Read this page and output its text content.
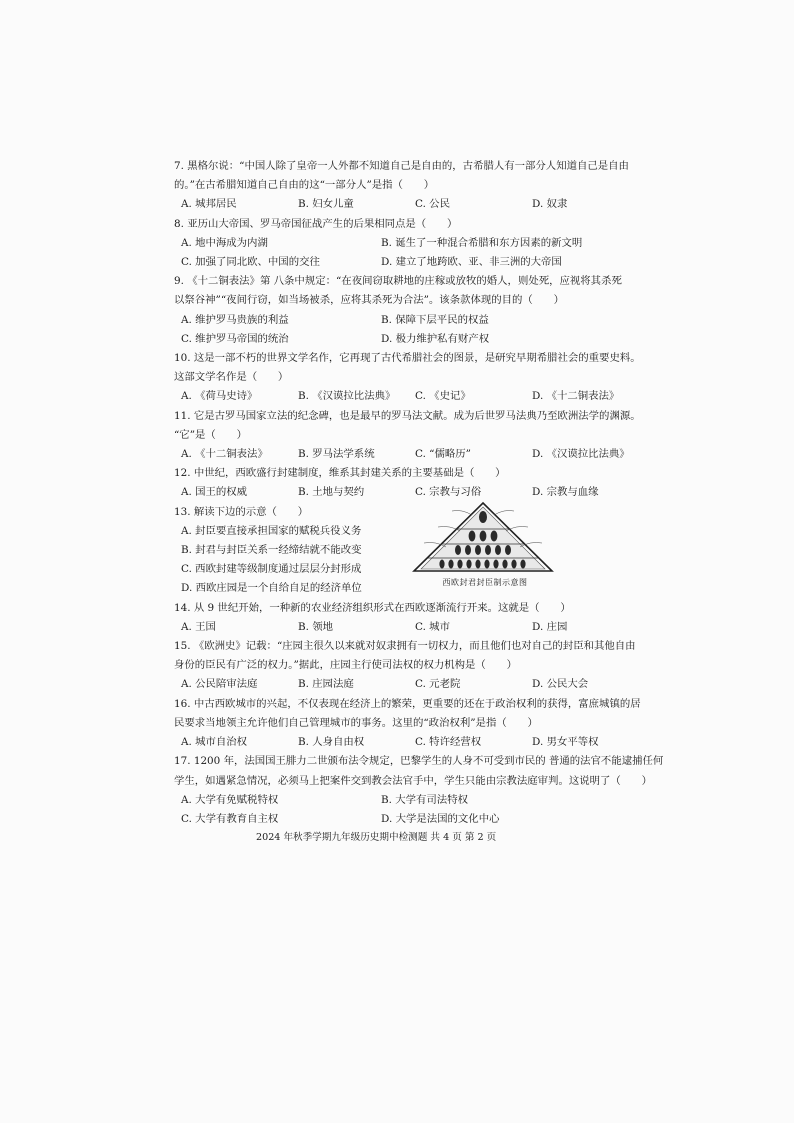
7. 黑格尔说：“中国人除了皇帝一人外都不知道自己是自由的，古希腊人有一部分人知道自己是自由
的。”在古希腊知道自己自由的这“一部分人”是指（　　）
A. 城邦居民	B. 妇女儿童	C. 公民	D. 奴隶
8. 亚历山大帝国、罗马帝国征战产生的后果相同点是（　　）
A. 地中海成为内湖	B. 诞生了一种混合希腊和东方因素的新文明
C. 加强了同北欧、中国的交往	D. 建立了地跨欧、亚、非三洲的大帝国
9. 《十二铜表法》第 八条中规定：“在夜间窃取耕地的庄稼或放牧的婚人，则处死，应视将其杀死
以祭谷神”“夜间行窃，如当场被杀，应将其杀死为合法”。该条款体现的目的（　　）
A. 维护罗马贵族的利益	B. 保障下层平民的权益
C. 维护罗马帝国的统治	D. 极力维护私有财产权
10. 这是一部不朽的世界文学名作，它再现了古代希腊社会的图景，是研究早期希腊社会的重要史料。
这部文学名作是（　　）
A. 《荷马史诗》	B. 《汉谟拉比法典》	C. 《史记》	D. 《十二铜表法》
11. 它是古罗马国家立法的纪念碑，也是最早的罗马法文献。成为后世罗马法典乃至欧洲法学的渊源。
“它”是（　　）
A. 《十二铜表法》	B. 罗马法学系统	C. “儒略历”	D. 《汉谟拉比法典》
12. 中世纪，西欧盛行封建制度，维系其封建关系的主要基础是（　　）
A. 国王的权威	B. 土地与契约	C. 宗教与习俗	D. 宗教与血缘
13. 解读下边的示意（　　）
A. 封臣要直接承担国家的赋税兵役义务
B. 封君与封臣关系一经缔结就不能改变
C. 西欧封建等级制度通过层层分封形成
D. 西欧庄园是一个自给自足的经济单位
西欧封君封臣制示意图
14. 从 9 世纪开始，一种新的农业经济组织形式在西欧逐渐流行开来。这就是（　　）
A. 王国	B. 领地	C. 城市	D. 庄园
15. 《欧洲史》记载：“庄园主很久以来就对奴隶拥有一切权力，而且他们也对自己的封臣和其他自由
身份的臣民有广泛的权力。”据此，庄园主行使司法权的权力机构是（　　）
A. 公民陪审法庭	B. 庄园法庭	C. 元老院	D. 公民大会
16. 中古西欧城市的兴起，不仅表现在经济上的繁荣，更重要的还在于政治权利的获得，富庶城镇的居
民要求当地领主允许他们自己管理城市的事务。这里的“政治权利”是指（　　）
A. 城市自治权	B. 人身自由权	C. 特许经营权	D. 男女平等权
17. 1200 年，法国国王腓力二世颁布法令规定，巴黎学生的人身不可受到市民的 普通的法官不能逮捕任何
学生，如遇紧急情况，必须马上把案件交到教会法官手中，学生只能由宗教法庭审判。这说明了（　　）
A. 大学有免赋税特权	B. 大学有司法特权
C. 大学有教育自主权	D. 大学是法国的文化中心
2024 年秋季学期九年级历史期中检测题 共 4 页 第 2 页
